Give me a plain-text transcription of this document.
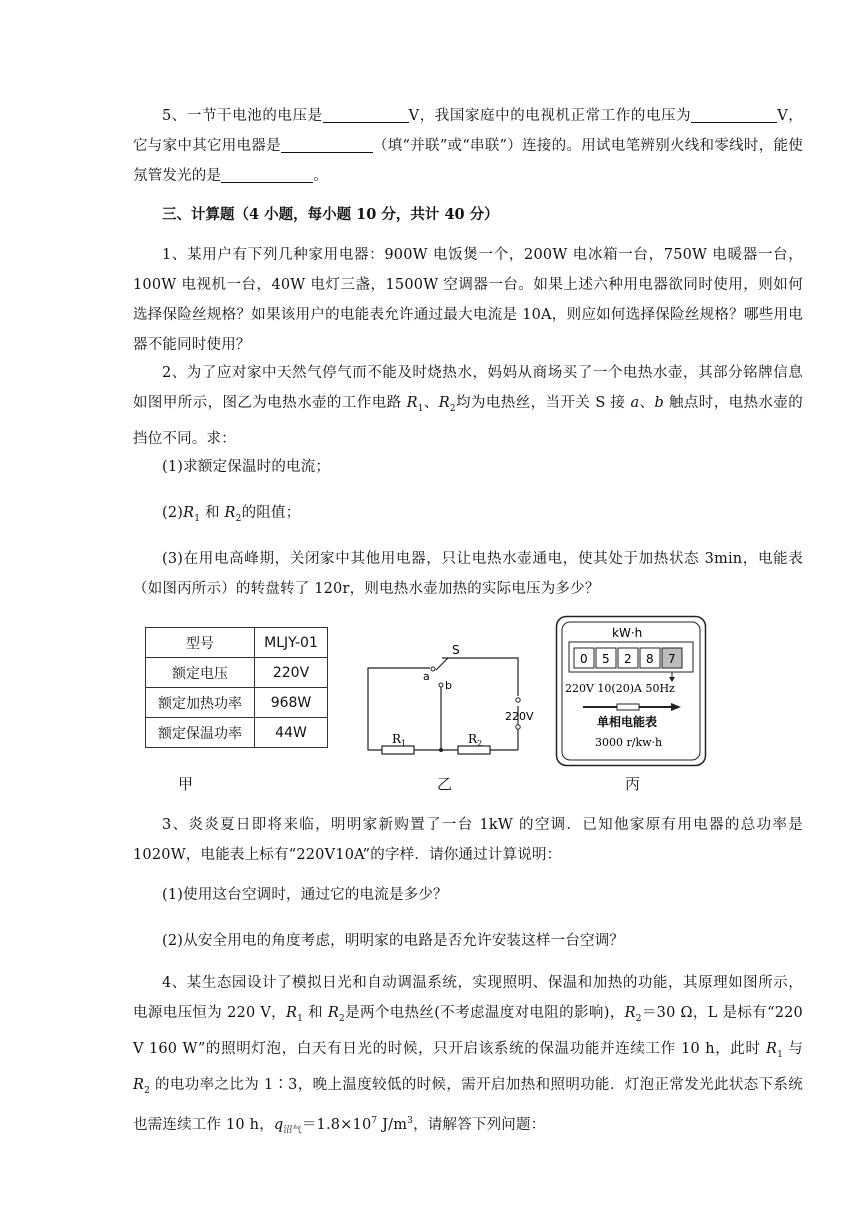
5、一节干电池的电压是	V，我国家庭中的电视机正常工作的电压为	V，它与家中其它用电器是	（填“并联”或“串联”）连接的。用试电笔辨别火线和零线时，能使氖管发光的是	。

三、计算题（4 小题，每小题 10 分，共计 40 分）

1、某用户有下列几种家用电器：900W 电饭煲一个，200W 电冰箱一台，750W 电暖器一台，100W 电视机一台，40W 电灯三盏，1500W 空调器一台。如果上述六种用电器欲同时使用，则如何选择保险丝规格？如果该用户的电能表允许通过最大电流是 10A，则应如何选择保险丝规格？哪些用电器不能同时使用？

2、为了应对家中天然气停气而不能及时烧热水，妈妈从商场买了一个电热水壶，其部分铭牌信息如图甲所示，图乙为电热水壶的工作电路 $R_1$、$R_2$均为电热丝，当开关 S 接 a、b 触点时，电热水壶的挡位不同。求：

(1)求额定保温时的电流；

$(2)R_1$ 和 $R_2$的阻值；

(3)在用电高峰期，关闭家中其他用电器，只让电热水壶通电，使其处于加热状态 3min，电能表（如图丙所示）的转盘转了 120r，则电热水壶加热的实际电压为多少？

型号	MLJY-01
额定电压	220V
额定加热功率	968W
额定保温功率	44W
甲
S
a
b
220V
$R_1$	$R_2$
乙
kW·h
0 5 2 8 7
220V 10(20)A 50Hz
单相电能表
3000 r/kw·h
丙

3、炎炎夏日即将来临，明明家新购置了一台 1kW 的空调．已知他家原有用电器的总功率是 1020W，电能表上标有“220V10A”的字样．请你通过计算说明：

(1)使用这台空调时，通过它的电流是多少？

(2)从安全用电的角度考虑，明明家的电路是否允许安装这样一台空调？

4、某生态园设计了模拟日光和自动调温系统，实现照明、保温和加热的功能，其原理如图所示，电源电压恒为 220 V，$R_1$ 和 $R_2$是两个电热丝(不考虑温度对电阻的影响)，$R_2=30$ Ω，L 是标有“220 V 160 W”的照明灯泡，白天有日光的时候，只开启该系统的保温功能并连续工作 10 h，此时 $R_1$ 与 $R_2$ 的电功率之比为 1∶3，晚上温度较低的时候，需开启加热和照明功能．灯泡正常发光此状态下系统也需连续工作 10 h，$q_{沼气}=1.8\times 10^7$ $J/m^3$，请解答下列问题：
